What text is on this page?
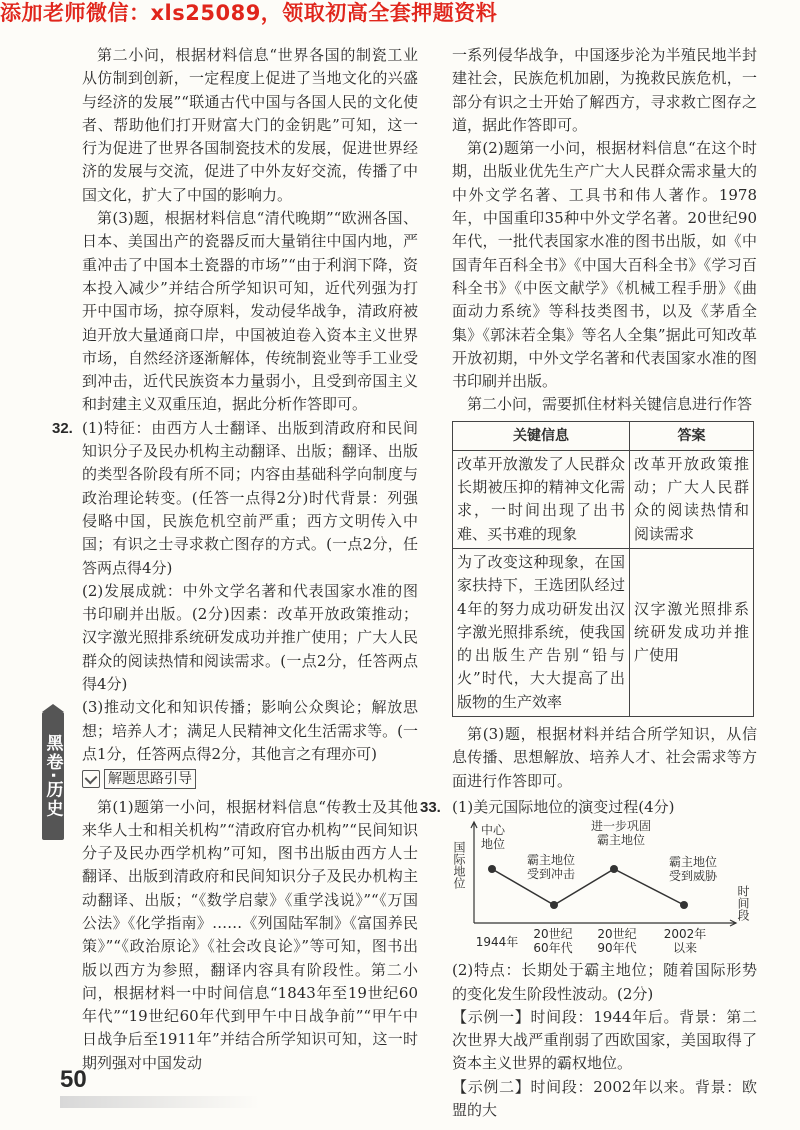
添加老师微信：xls25089，领取初高全套押题资料

第二小问，根据材料信息“世界各国的制瓷工业从仿制到创新，一定程度上促进了当地文化的兴盛与经济的发展”“联通古代中国与各国人民的文化使者、帮助他们打开财富大门的金钥匙”可知，这一行为促进了世界各国制瓷技术的发展，促进世界经济的发展与交流，促进了中外友好交流，传播了中国文化，扩大了中国的影响力。

第(3)题，根据材料信息“清代晚期”“欧洲各国、日本、美国出产的瓷器反而大量销往中国内地，严重冲击了中国本土瓷器的市场”“由于利润下降，资本投入减少”并结合所学知识可知，近代列强为打开中国市场，掠夺原料，发动侵华战争，清政府被迫开放大量通商口岸，中国被迫卷入资本主义世界市场，自然经济逐渐解体，传统制瓷业等手工业受到冲击，近代民族资本力量弱小，且受到帝国主义和封建主义双重压迫，据此分析作答即可。

32. (1)特征：由西方人士翻译、出版到清政府和民间知识分子及民办机构主动翻译、出版；翻译、出版的类型各阶段有所不同；内容由基础科学向制度与政治理论转变。(任答一点得2分)时代背景：列强侵略中国，民族危机空前严重；西方文明传入中国；有识之士寻求救亡图存的方式。(一点2分，任答两点得4分)

(2)发展成就：中外文学名著和代表国家水准的图书印刷并出版。(2分)因素：改革开放政策推动；汉字激光照排系统研发成功并推广使用；广大人民群众的阅读热情和阅读需求。(一点2分，任答两点得4分)

(3)推动文化和知识传播；影响公众舆论；解放思想；培养人才；满足人民精神文化生活需求等。(一点1分，任答两点得2分，其他言之有理亦可)

解题思路引导

第(1)题第一小问，根据材料信息“传教士及其他来华人士和相关机构”“清政府官办机构”“民间知识分子及民办西学机构”可知，图书出版由西方人士翻译、出版到清政府和民间知识分子及民办机构主动翻译、出版；“《数学启蒙》《重学浅说》”“《万国公法》《化学指南》……《列国陆军制》《富国养民策》”“《政治原论》《社会改良论》”等可知，图书出版以西方为参照，翻译内容具有阶段性。第二小问，根据材料一中时间信息“1843年至19世纪60年代”“19世纪60年代到甲午中日战争前”“甲午中日战争后至1911年”并结合所学知识可知，这一时期列强对中国发动

一系列侵华战争，中国逐步沦为半殖民地半封建社会，民族危机加剧，为挽救民族危机，一部分有识之士开始了解西方，寻求救亡图存之道，据此作答即可。

第(2)题第一小问，根据材料信息“在这个时期，出版业优先生产广大人民群众需求量大的中外文学名著、工具书和伟人著作。1978年，中国重印35种中外文学名著。20世纪90年代，一批代表国家水准的图书出版，如《中国青年百科全书》《中国大百科全书》《学习百科全书》《中医文献学》《机械工程手册》《曲面动力系统》等科技类图书，以及《茅盾全集》《郭沫若全集》等名人全集”据此可知改革开放初期，中外文学名著和代表国家水准的图书印刷并出版。

第二小问，需要抓住材料关键信息进行作答

关键信息	答案
改革开放激发了人民群众长期被压抑的精神文化需求，一时间出现了出书难、买书难的现象	改革开放政策推动；广大人民群众的阅读热情和阅读需求
为了改变这种现象，在国家扶持下，王选团队经过4年的努力成功研发出汉字激光照排系统，使我国的出版生产告别“铅与火”时代，大大提高了出版物的生产效率	汉字激光照排系统研发成功并推广使用

第(3)题，根据材料并结合所学知识，从信息传播、思想解放、培养人才、社会需求等方面进行作答即可。

33. (1)美元国际地位的演变过程(4分)

国际地位
时间段
1944年
20世纪
60年代
20世纪
90年代
2002年
以来
中心
地位
霸主地位
受到冲击
进一步巩固
霸主地位
霸主地位
受到威胁

(2)特点：长期处于霸主地位；随着国际形势的变化发生阶段性波动。(2分)

【示例一】时间段：1944年后。背景：第二次世界大战严重削弱了西欧国家，美国取得了资本主义世界的霸权地位。

【示例二】时间段：2002年以来。背景：欧盟的大

黑卷·历史
50
